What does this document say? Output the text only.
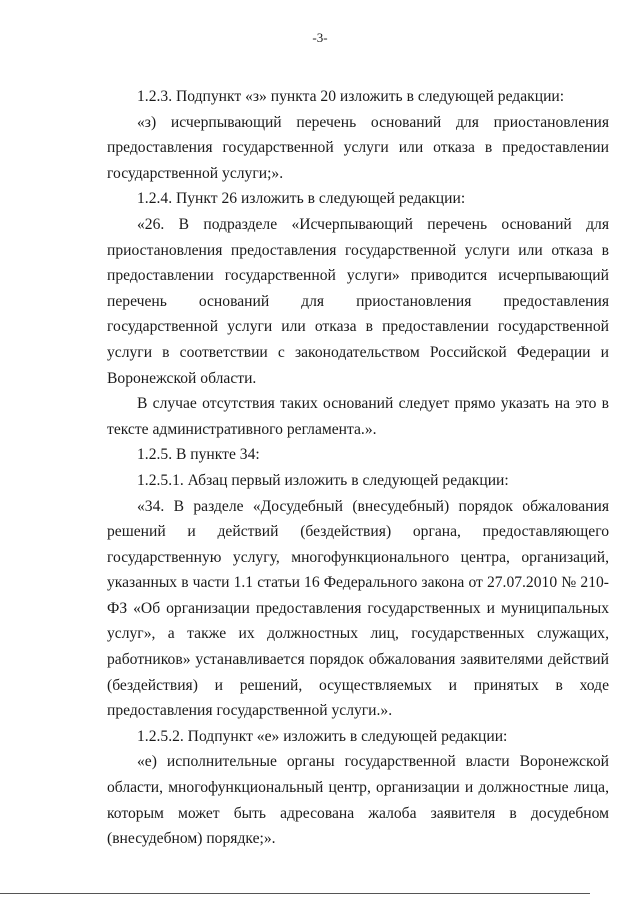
-3-

1.2.3. Подпункт «з» пункта 20 изложить в следующей редакции:

«з) исчерпывающий перечень оснований для приостановления предоставления государственной услуги или отказа в предоставлении государственной услуги;».

1.2.4. Пункт 26 изложить в следующей редакции:

«26. В подразделе «Исчерпывающий перечень оснований для приостановления предоставления государственной услуги или отказа в предоставлении государственной услуги» приводится исчерпывающий перечень оснований для приостановления предоставления государственной услуги или отказа в предоставлении государственной услуги в соответствии с законодательством Российской Федерации и Воронежской области.

В случае отсутствия таких оснований следует прямо указать на это в тексте административного регламента.».

1.2.5. В пункте 34:

1.2.5.1. Абзац первый изложить в следующей редакции:

«34. В разделе «Досудебный (внесудебный) порядок обжалования решений и действий (бездействия) органа, предоставляющего государственную услугу, многофункционального центра, организаций, указанных в части 1.1 статьи 16 Федерального закона от 27.07.2010 № 210-ФЗ «Об организации предоставления государственных и муниципальных услуг», а также их должностных лиц, государственных служащих, работников» устанавливается порядок обжалования заявителями действий (бездействия) и решений, осуществляемых и принятых в ходе предоставления государственной услуги.».

1.2.5.2. Подпункт «е» изложить в следующей редакции:

«е) исполнительные органы государственной власти Воронежской области, многофункциональный центр, организации и должностные лица, которым может быть адресована жалоба заявителя в досудебном (внесудебном) порядке;».
